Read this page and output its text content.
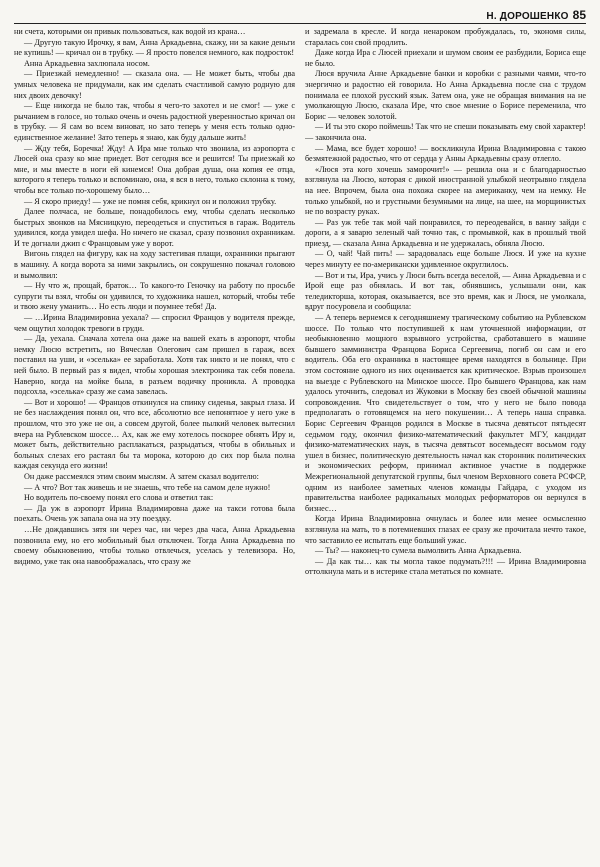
Н. ДОРОШЕНКО 85

ни счета, которыми он привык пользоваться, как водой из крана…

— Другую такую Ирочку, я вам, Анна Аркадьевна, скажу, ни за какие деньги не купишь! — кричал он в трубку. — Я просто повелся немного, как подросток!

Анна Аркадьевна захлюпала носом.

— Приезжай немедленно! — сказала она. — Не может быть, чтобы два умных человека не придумали, как им сделать счастливой самую родную для них двоих девочку!

— Еще никогда не было так, чтобы я чего-то захотел и не смог! — уже с рычанием в голосе, но только очень и очень радостной уверенностью кричал он в трубку. — Я сам во всем виноват, но зато теперь у меня есть только одно-единственное желание! Зато теперь я знаю, как буду дальше жить!

— Жду тебя, Боречка! Жду! А Ира мне только что звонила, из аэропорта с Люсей она сразу ко мне приедет. Вот сегодня все и решится! Ты приезжай ко мне, и мы вместе в ноги ей кинемся! Она добрая душа, она копия ее отца, которого я теперь только и вспоминаю, она, я вся в него, только склонна к тому, чтобы все только по-хорошему было…

— Я скоро приеду! — уже не помня себя, крикнул он и положил трубку.

Далее полчаса, не больше, понадобилось ему, чтобы сделать несколько быстрых звонков на Мясницкую, переодеться и спуститься в гараж. Водитель удивился, когда увидел шефа. Но ничего не сказал, сразу позвонил охранникам. И те догнали джип с Францовым уже у ворот.

Вигонь глядел на фигуру, как на ходу застегивая плащи, охранники прыгают в машину. А когда ворота за ними закрылись, он сокрушенно покачал головою и вымолвил:

— Ну что ж, прощай, браток… То какого-то Геночку на работу по просьбе супруги ты взял, чтобы он удивился, то художника нашел, который, чтобы тебе и твою жену уманить… Но есть люди и поумнее тебя! Да.

— …Ирина Владимировна уехала? — спросил Францов у водителя прежде, чем ощутил холодок тревоги в груди.

— Да, уехала. Сначала хотела она даже на вашей ехать в аэропорт, чтобы немку Люсю встретить, но Вячеслав Олегович сам пришел в гараж, всех поставил на уши, и «эселька» ее заработала. Хотя так никто и не понял, что с ней было. В первый раз я видел, чтобы хорошая электроника так себя повела. Наверно, когда на мойке была, в разъем водичку проникла. А проводка подсохла, «эселька» сразу же сама завелась.

— Вот и хорошо! — Францов откинулся на спинку сиденья, закрыл глаза. И не без наслаждения понял он, что все, абсолютно все непонятное у него уже в прошлом, что это уже не он, а совсем другой, более пылкий человек вытеснил вчера на Рублевском шоссе… Ах, как же ему хотелось поскорее обнять Иру и, может быть, действительно расплакаться, разрыдаться, чтобы в обильных и больных слезах его растаял бы та морока, которою до сих пор была полна каждая секунда его жизни!

Он даже рассмеялся этим своим мыслям. А затем сказал водителю:

— А что? Вот так живешь и не знаешь, что тебе на самом деле нужно!

Но водитель по-своему понял его слова и ответил так:

— Да уж в аэропорт Ирина Владимировна даже на такси готова была поехать. Очень уж запала она на эту поездку.

…Не дождавшись зятя ни через час, ни через два часа, Анна Аркадьевна позвонила ему, но его мобильный был отключен. Тогда Анна Аркадьевна по своему обыкновению, чтобы только отвлечься, уселась у телевизора. Но, видимо, уже так она навоображалась, что сразу же

и задремала в кресле. И когда ненароком пробуждалась, то, экономя силы, старалась сон свой продлить.

Даже когда Ира с Люсей приехали и шумом своим ее разбудили, Бориса еще не было.

Люся вручила Анне Аркадьевне банки и коробки с разными чаями, что-то энергично и радостно ей говорила. Но Анна Аркадьевна после сна с трудом понимала ее плохой русский язык. Затем она, уже не обращая внимания на не умолкающую Люсю, сказала Ире, что свое мнение о Борисе переменила, что Борис — человек золотой.

— И ты это скоро поймешь! Так что не спеши показывать ему свой характер! — закончила она.

— Мама, все будет хорошо! — воскликнула Ирина Владимировна с такою безмятежной радостью, что от сердца у Анны Аркадьевны сразу отлегло.

«Люся эта кого хочешь заморочит!» — решила она и с благодарностью взглянула на Люсю, которая с дикой иностранной улыбкой неотрывно глядела на нее. Впрочем, была она похожа скорее на американку, чем на немку. Не только улыбкой, но и грустными безумными на лице, на шее, на морщинистых не по возрасту руках.

— Раз уж тебе так мой чай понравился, то переодевайся, в ванну зайди с дороги, а я заварю зеленый чай точно так, с промывкой, как в прошлый твой приезд, — сказала Анна Аркадьевна и не удержалась, обняла Люсю.

— О, чай! Чай пить! — зарадовалась еще больше Люся. И уже на кухне через минуту ее по-американски удивленное округлилось.

— Вот и ты, Ира, учись у Люси быть всегда веселой, — Анна Аркадьевна и с Ирой еще раз обнялась. И вот так, обнявшись, услышали они, как теледикторша, которая, оказывается, все это время, как и Люся, не умолкала, вдруг посуровела и сообщила:

— А теперь вернемся к сегодняшнему трагическому событию на Рублевском шоссе. По только что поступившей к нам уточненной информации, от необыкновенно мощного взрывного устройства, сработавшего в машине бывшего замминистра Францова Бориса Сергеевича, погиб он сам и его водитель. Оба его охранника в настоящее время находятся в больнице. При этом состояние одного из них оценивается как критическое. Взрыв произошел на выезде с Рублевского на Минское шоссе. Про бывшего Францова, как нам удалось уточнить, следовал из Жуковки в Москву без своей обычной машины сопровождения. Что свидетельствует о том, что у него не было повода предполагать о готовящемся на него покушении… А теперь наша справка. Борис Сергеевич Францов родился в Москве в тысяча девятьсот пятьдесят седьмом году, окончил физико-математический факультет МГУ, кандидат физико-математических наук, в тысяча девятьсот восемьдесят восьмом году ушел в бизнес, политическую деятельность начал как сторонник политических и экономических реформ, принимал активное участие в поддержке Межрегиональной депутатской группы, был членом Верховного совета РСФСР, одним из наиболее заметных членов команды Гайдара, с уходом из правительства наиболее радикальных молодых реформаторов он вернулся в бизнес…

Когда Ирина Владимировна очнулась и более или менее осмысленно взглянула на мать, то в потемневших глазах ее сразу же прочитала нечто такое, что заставило ее испытать еще больший ужас.

— Ты? — наконец-то сумела вымолвить Анна Аркадьевна.

— Да как ты… как ты могла такое подумать?!!! — Ирина Владимировна оттолкнула мать и в истерике стала метаться по комнате.
